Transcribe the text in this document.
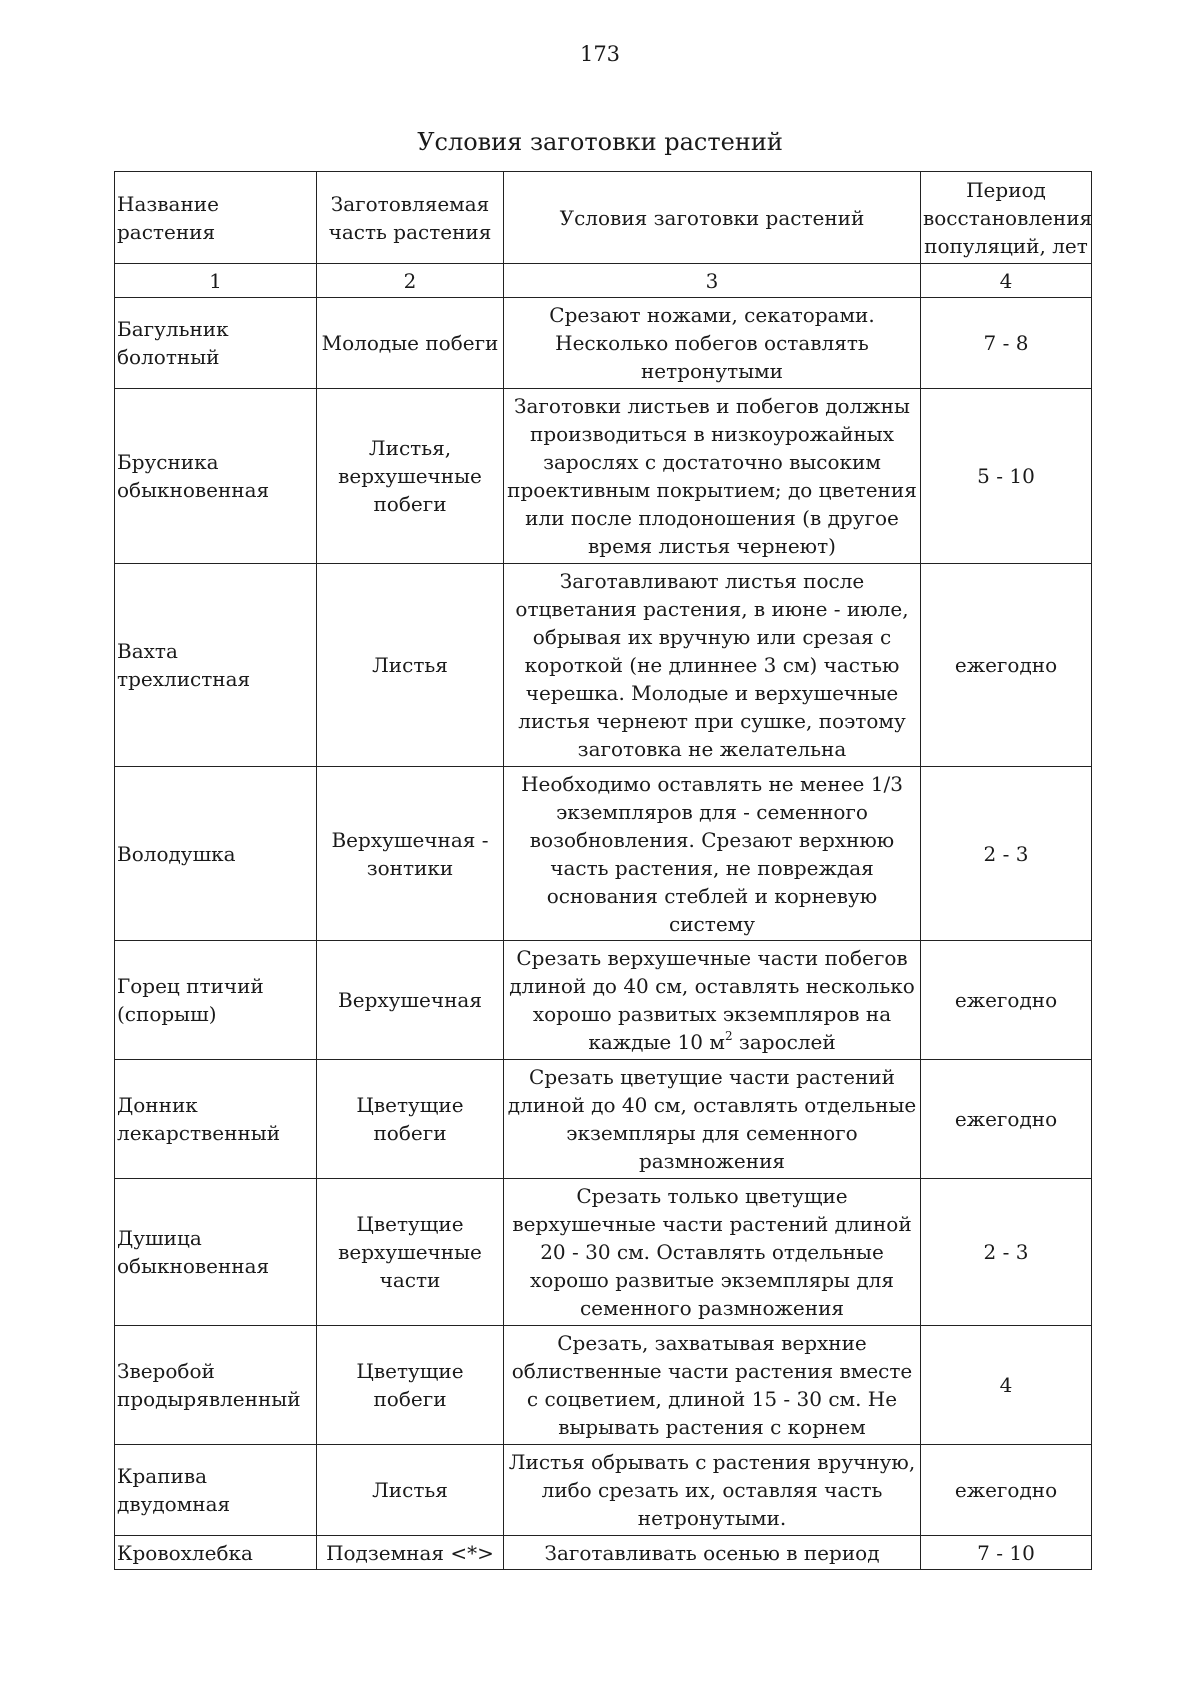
173
Условия заготовки растений
Название растения	Заготовляемая часть растения	Условия заготовки растений	Период восстановления популяций, лет
1	2	3	4
Багульник болотный	Молодые побеги	Срезают ножами, секаторами. Несколько побегов оставлять нетронутыми	7 - 8
Брусника обыкновенная	Листья, верхушечные побеги	Заготовки листьев и побегов должны производиться в низкоурожайных зарослях с достаточно высоким проективным покрытием; до цветения или после плодоношения (в другое время листья чернеют)	5 - 10
Вахта трехлистная	Листья	Заготавливают листья после отцветания растения, в июне - июле, обрывая их вручную или срезая с короткой (не длиннее 3 см) частью черешка. Молодые и верхушечные листья чернеют при сушке, поэтому заготовка не желательна	ежегодно
Володушка	Верхушечная - зонтики	Необходимо оставлять не менее 1/3 экземпляров для - семенного возобновления. Срезают верхнюю часть растения, не повреждая основания стеблей и корневую систему	2 - 3
Горец птичий (спорыш)	Верхушечная	Срезать верхушечные части побегов длиной до 40 см, оставлять несколько хорошо развитых экземпляров на каждые 10 $м^2$ зарослей	ежегодно
Донник лекарственный	Цветущие побеги	Срезать цветущие части растений длиной до 40 см, оставлять отдельные экземпляры для семенного размножения	ежегодно
Душица обыкновенная	Цветущие верхушечные части	Срезать только цветущие верхушечные части растений длиной 20 - 30 см. Оставлять отдельные хорошо развитые экземпляры для семенного размножения	2 - 3
Зверобой продырявленный	Цветущие побеги	Срезать, захватывая верхние облиственные части растения вместе с соцветием, длиной 15 - 30 см. Не вырывать растения с корнем	4
Крапива двудомная	Листья	Листья обрывать с растения вручную, либо срезать их, оставляя часть нетронутыми.	ежегодно
Кровохлебка	Подземная <*>	Заготавливать осенью в период	7 - 10
